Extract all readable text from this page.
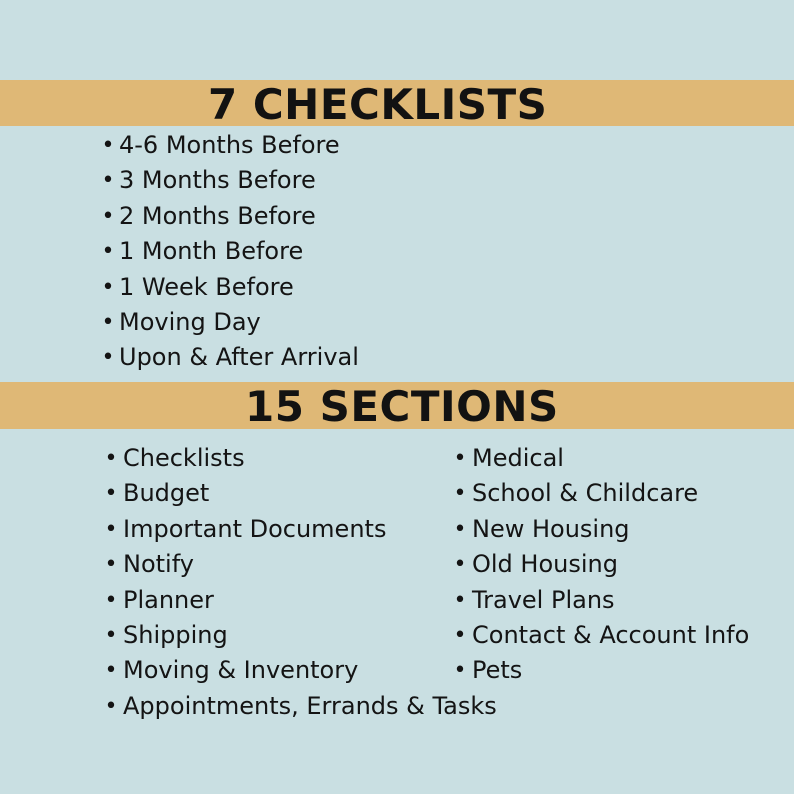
7 CHECKLISTS
• 4-6 Months Before
• 3 Months Before
• 2 Months Before
• 1 Month Before
• 1 Week Before
• Moving Day
• Upon & After Arrival
15 SECTIONS
• Checklists
• Budget
• Important Documents
• Notify
• Planner
• Shipping
• Moving & Inventory
• Appointments, Errands & Tasks
• Medical
• School & Childcare
• New Housing
• Old Housing
• Travel Plans
• Contact & Account Info
• Pets
